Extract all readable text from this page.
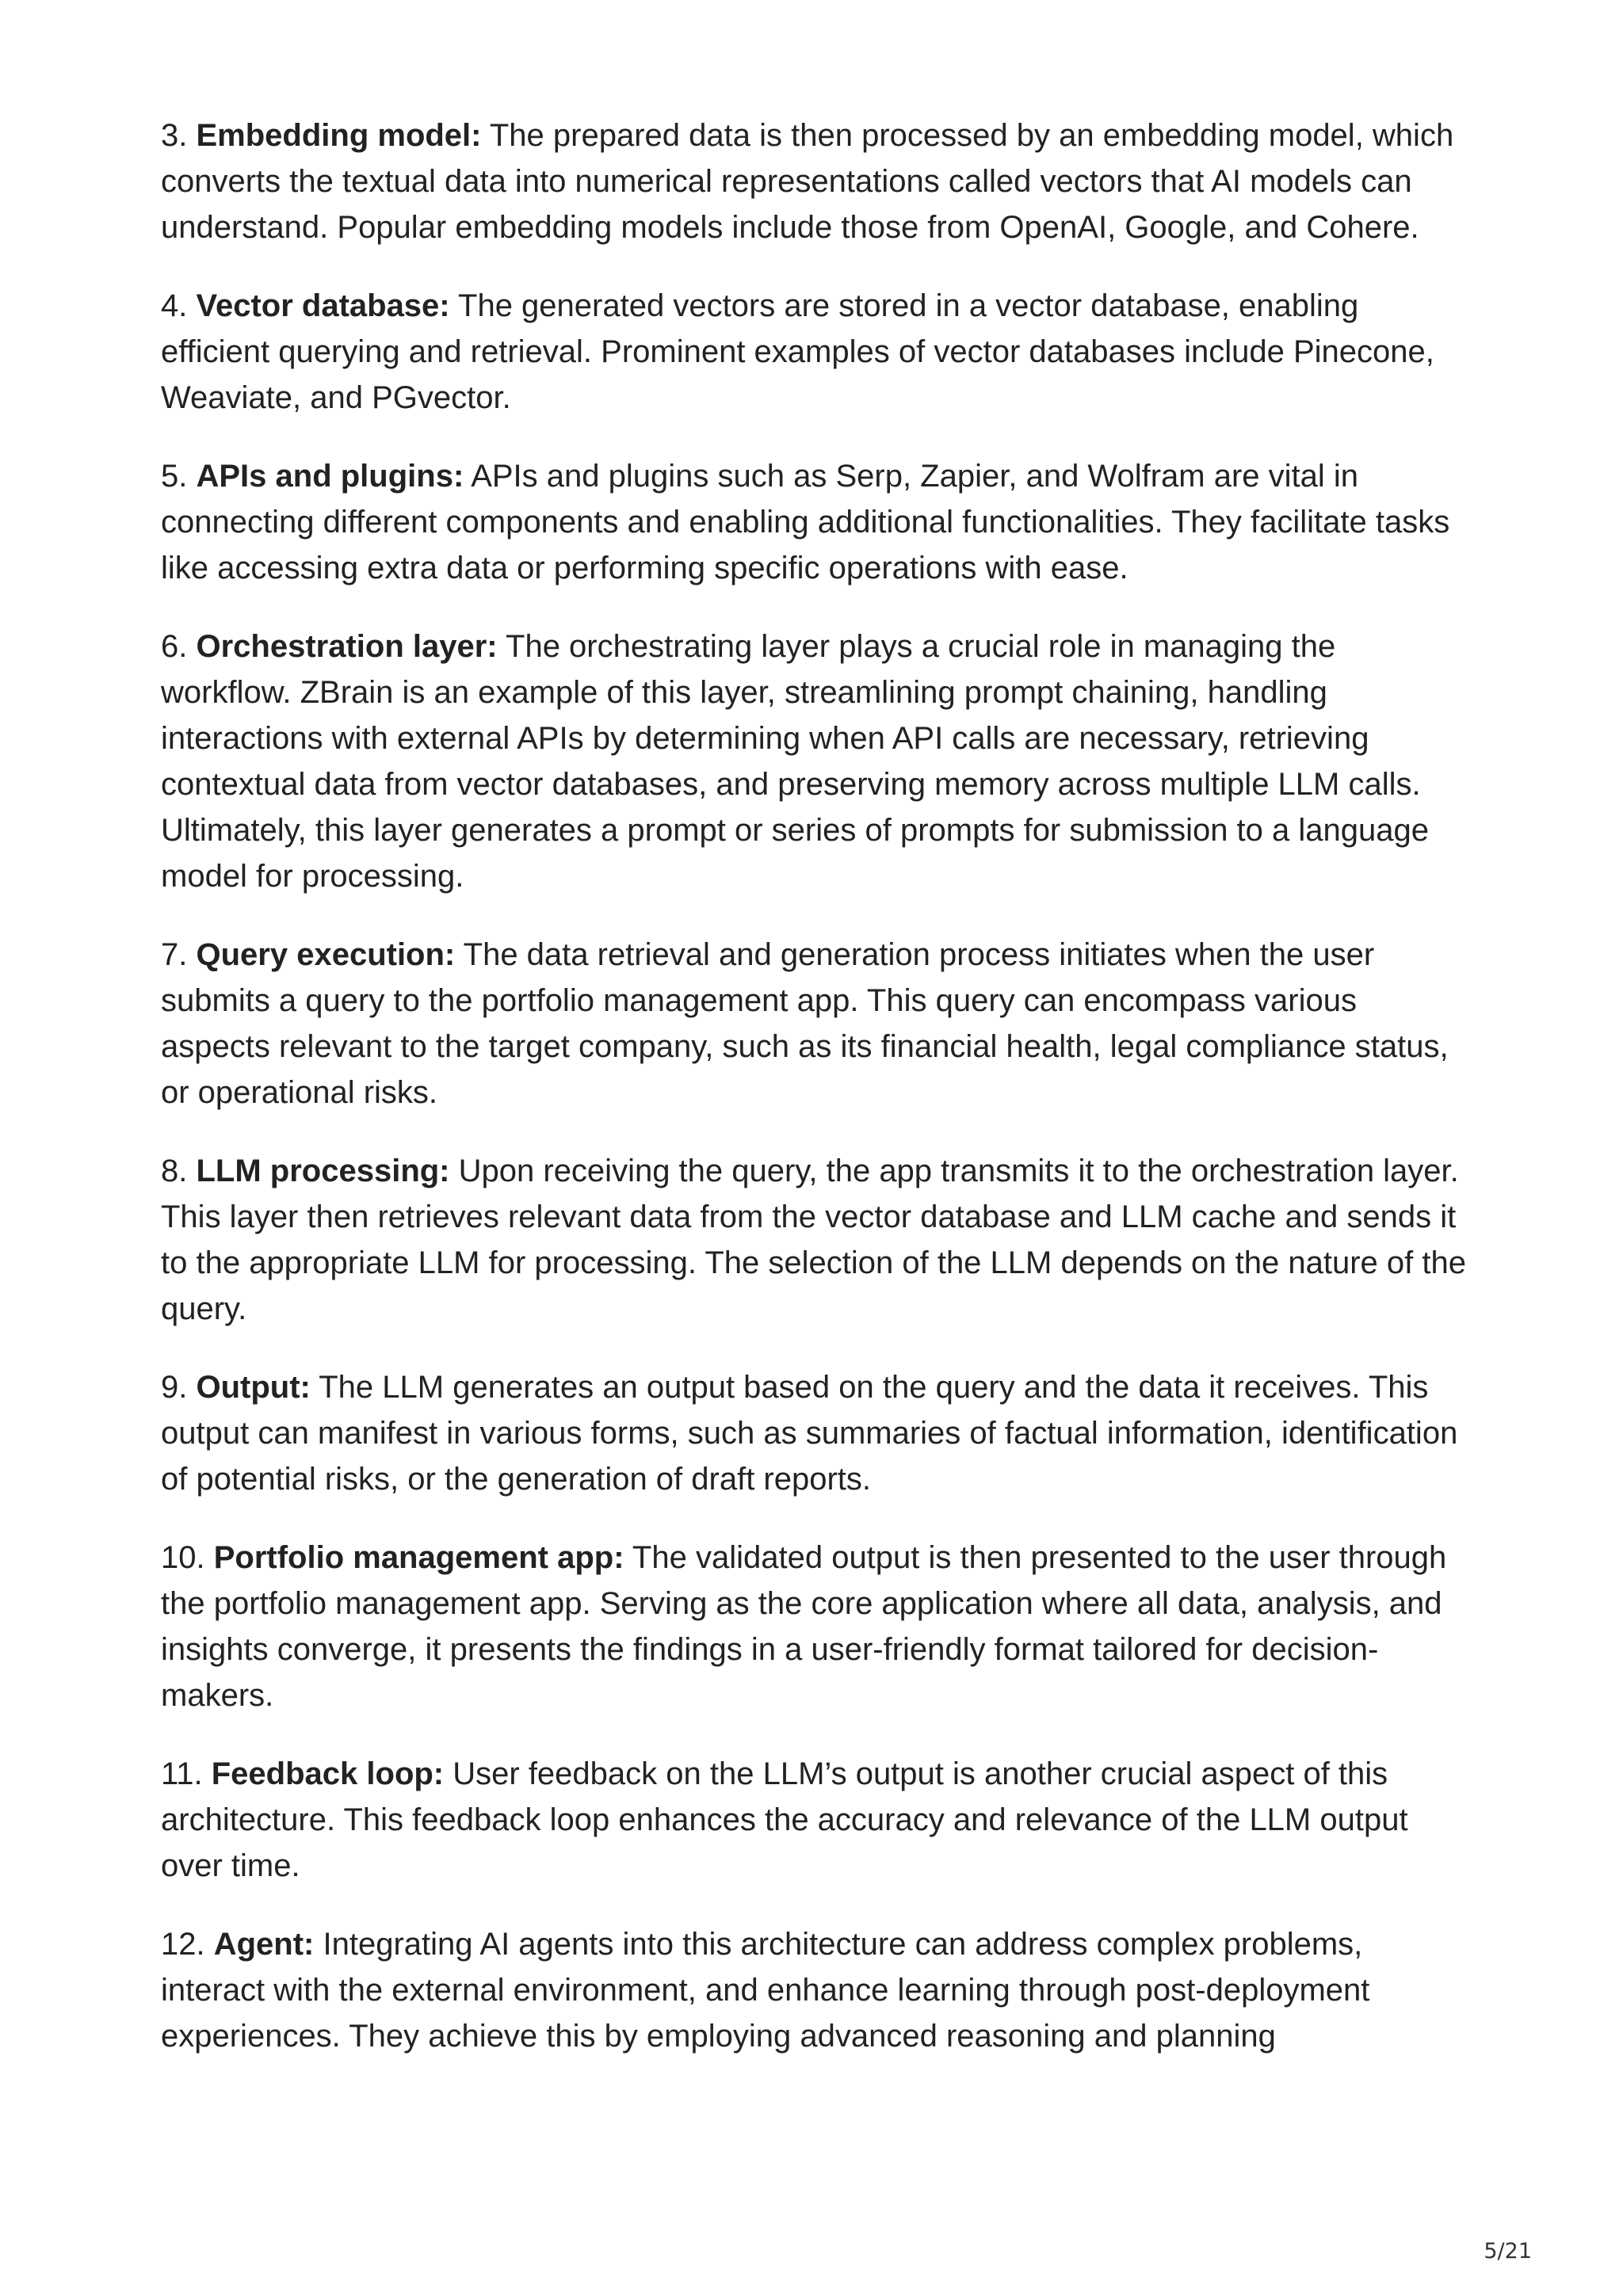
3. Embedding model: The prepared data is then processed by an embedding model, which converts the textual data into numerical representations called vectors that AI models can understand. Popular embedding models include those from OpenAI, Google, and Cohere.

4. Vector database: The generated vectors are stored in a vector database, enabling efficient querying and retrieval. Prominent examples of vector databases include Pinecone, Weaviate, and PGvector.

5. APIs and plugins: APIs and plugins such as Serp, Zapier, and Wolfram are vital in connecting different components and enabling additional functionalities. They facilitate tasks like accessing extra data or performing specific operations with ease.

6. Orchestration layer: The orchestrating layer plays a crucial role in managing the workflow. ZBrain is an example of this layer, streamlining prompt chaining, handling interactions with external APIs by determining when API calls are necessary, retrieving contextual data from vector databases, and preserving memory across multiple LLM calls. Ultimately, this layer generates a prompt or series of prompts for submission to a language model for processing.

7. Query execution: The data retrieval and generation process initiates when the user submits a query to the portfolio management app. This query can encompass various aspects relevant to the target company, such as its financial health, legal compliance status, or operational risks.

8. LLM processing: Upon receiving the query, the app transmits it to the orchestration layer. This layer then retrieves relevant data from the vector database and LLM cache and sends it to the appropriate LLM for processing. The selection of the LLM depends on the nature of the query.

9. Output: The LLM generates an output based on the query and the data it receives. This output can manifest in various forms, such as summaries of factual information, identification of potential risks, or the generation of draft reports.

10. Portfolio management app: The validated output is then presented to the user through the portfolio management app. Serving as the core application where all data, analysis, and insights converge, it presents the findings in a user-friendly format tailored for decision-makers.

11. Feedback loop: User feedback on the LLM’s output is another crucial aspect of this architecture. This feedback loop enhances the accuracy and relevance of the LLM output over time.

12. Agent: Integrating AI agents into this architecture can address complex problems, interact with the external environment, and enhance learning through post-deployment experiences. They achieve this by employing advanced reasoning and planning

5/21
